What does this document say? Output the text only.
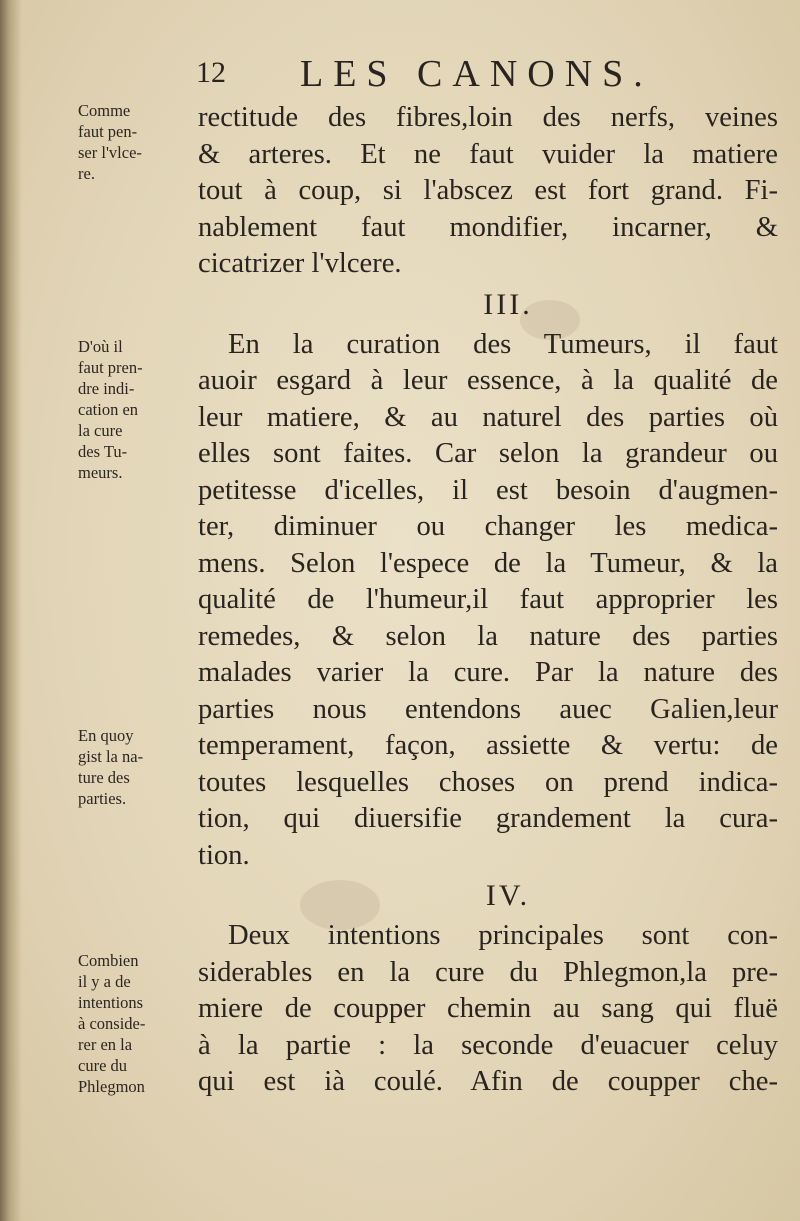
12 LES CANONS.
Comme
faut pen-
ser l'vlce-
re.
D'où il
faut pren-
dre indi-
cation en
la cure
des Tu-
meurs.
En quoy
gist la na-
ture des
parties.
Combien
il y a de
intentions
à conside-
rer en la
cure du
Phlegmon
rectitude des fibres,loin des nerfs, veines
& arteres. Et ne faut vuider la matiere
tout à coup, si l'abscez est fort grand. Fi-
nablement faut mondifier, incarner, &
cicatrizer l'vlcere.
III.
En la curation des Tumeurs, il faut
auoir esgard à leur essence, à la qualité de
leur matiere, & au naturel des parties où
elles sont faites. Car selon la grandeur ou
petitesse d'icelles, il est besoin d'augmen-
ter, diminuer ou changer les medica-
mens. Selon l'espece de la Tumeur, & la
qualité de l'humeur,il faut approprier les
remedes, & selon la nature des parties
malades varier la cure. Par la nature des
parties nous entendons auec Galien,leur
temperament, façon, assiette & vertu: de
toutes lesquelles choses on prend indica-
tion, qui diuersifie grandement la cura-
tion.
IV.
Deux intentions principales sont con-
siderables en la cure du Phlegmon,la pre-
miere de coupper chemin au sang qui fluë
à la partie : la seconde d'euacuer celuy
qui est ià coulé. Afin de coupper che-
